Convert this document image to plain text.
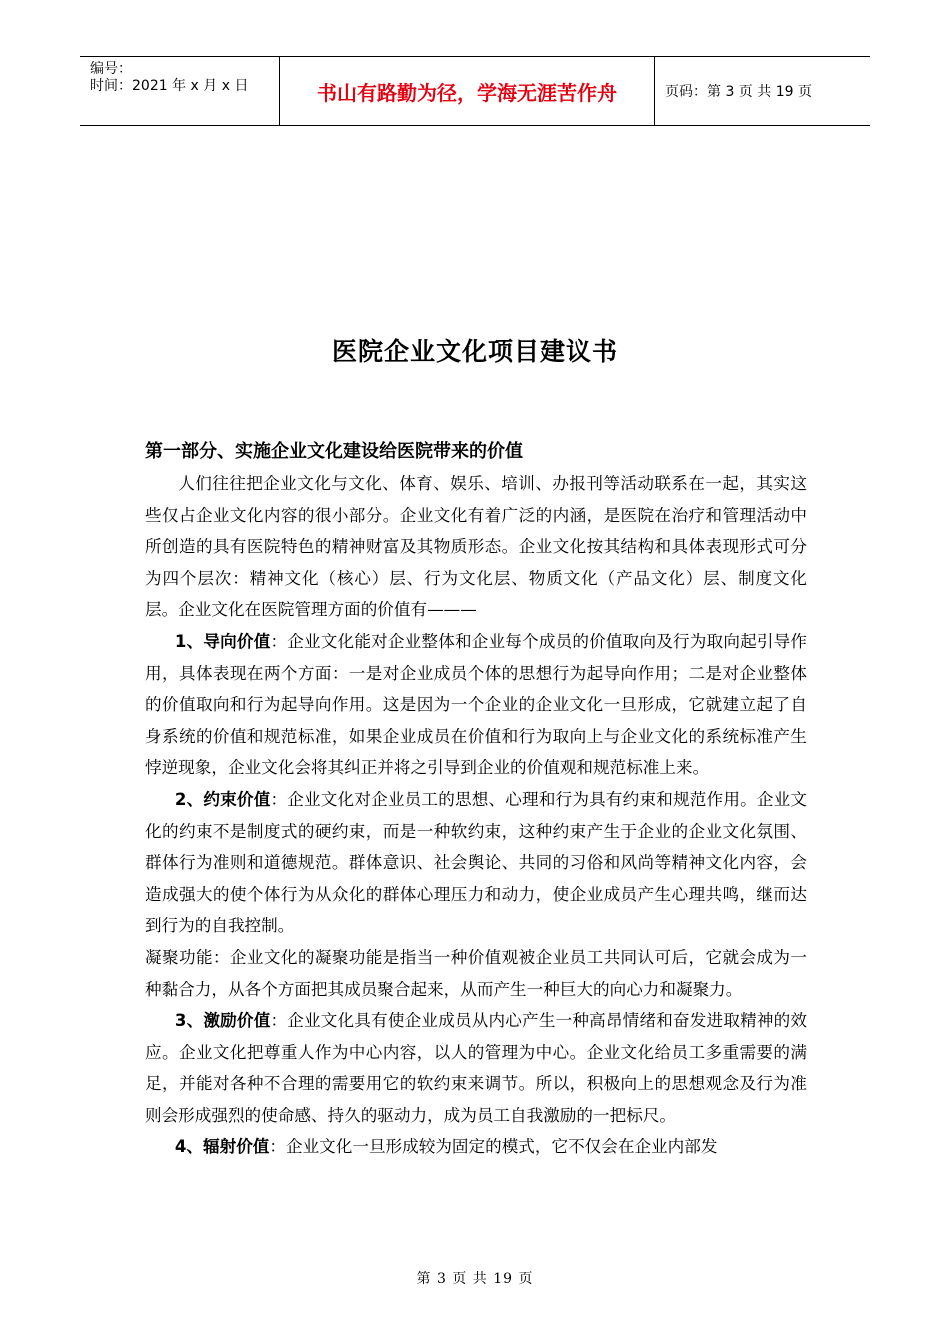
编号：
时间：2021 年 x 月 x 日	书山有路勤为径，学海无涯苦作舟	页码：第 3 页 共 19 页
医院企业文化项目建议书

第一部分、实施企业文化建设给医院带来的价值

人们往往把企业文化与文化、体育、娱乐、培训、办报刊等活动联系在一起，其实这些仅占企业文化内容的很小部分。企业文化有着广泛的内涵，是医院在治疗和管理活动中所创造的具有医院特色的精神财富及其物质形态。企业文化按其结构和具体表现形式可分为四个层次：精神文化（核心）层、行为文化层、物质文化（产品文化）层、制度文化层。企业文化在医院管理方面的价值有———

1、导向价值：企业文化能对企业整体和企业每个成员的价值取向及行为取向起引导作用，具体表现在两个方面：一是对企业成员个体的思想行为起导向作用；二是对企业整体的价值取向和行为起导向作用。这是因为一个企业的企业文化一旦形成，它就建立起了自身系统的价值和规范标准，如果企业成员在价值和行为取向上与企业文化的系统标准产生悖逆现象，企业文化会将其纠正并将之引导到企业的价值观和规范标准上来。

2、约束价值：企业文化对企业员工的思想、心理和行为具有约束和规范作用。企业文化的约束不是制度式的硬约束，而是一种软约束，这种约束产生于企业的企业文化氛围、群体行为准则和道德规范。群体意识、社会舆论、共同的习俗和风尚等精神文化内容，会造成强大的使个体行为从众化的群体心理压力和动力，使企业成员产生心理共鸣，继而达到行为的自我控制。

凝聚功能：企业文化的凝聚功能是指当一种价值观被企业员工共同认可后，它就会成为一种黏合力，从各个方面把其成员聚合起来，从而产生一种巨大的向心力和凝聚力。

3、激励价值：企业文化具有使企业成员从内心产生一种高昂情绪和奋发进取精神的效应。企业文化把尊重人作为中心内容，以人的管理为中心。企业文化给员工多重需要的满足，并能对各种不合理的需要用它的软约束来调节。所以，积极向上的思想观念及行为准则会形成强烈的使命感、持久的驱动力，成为员工自我激励的一把标尺。

4、辐射价值：企业文化一旦形成较为固定的模式，它不仅会在企业内部发

第 3 页 共 19 页
